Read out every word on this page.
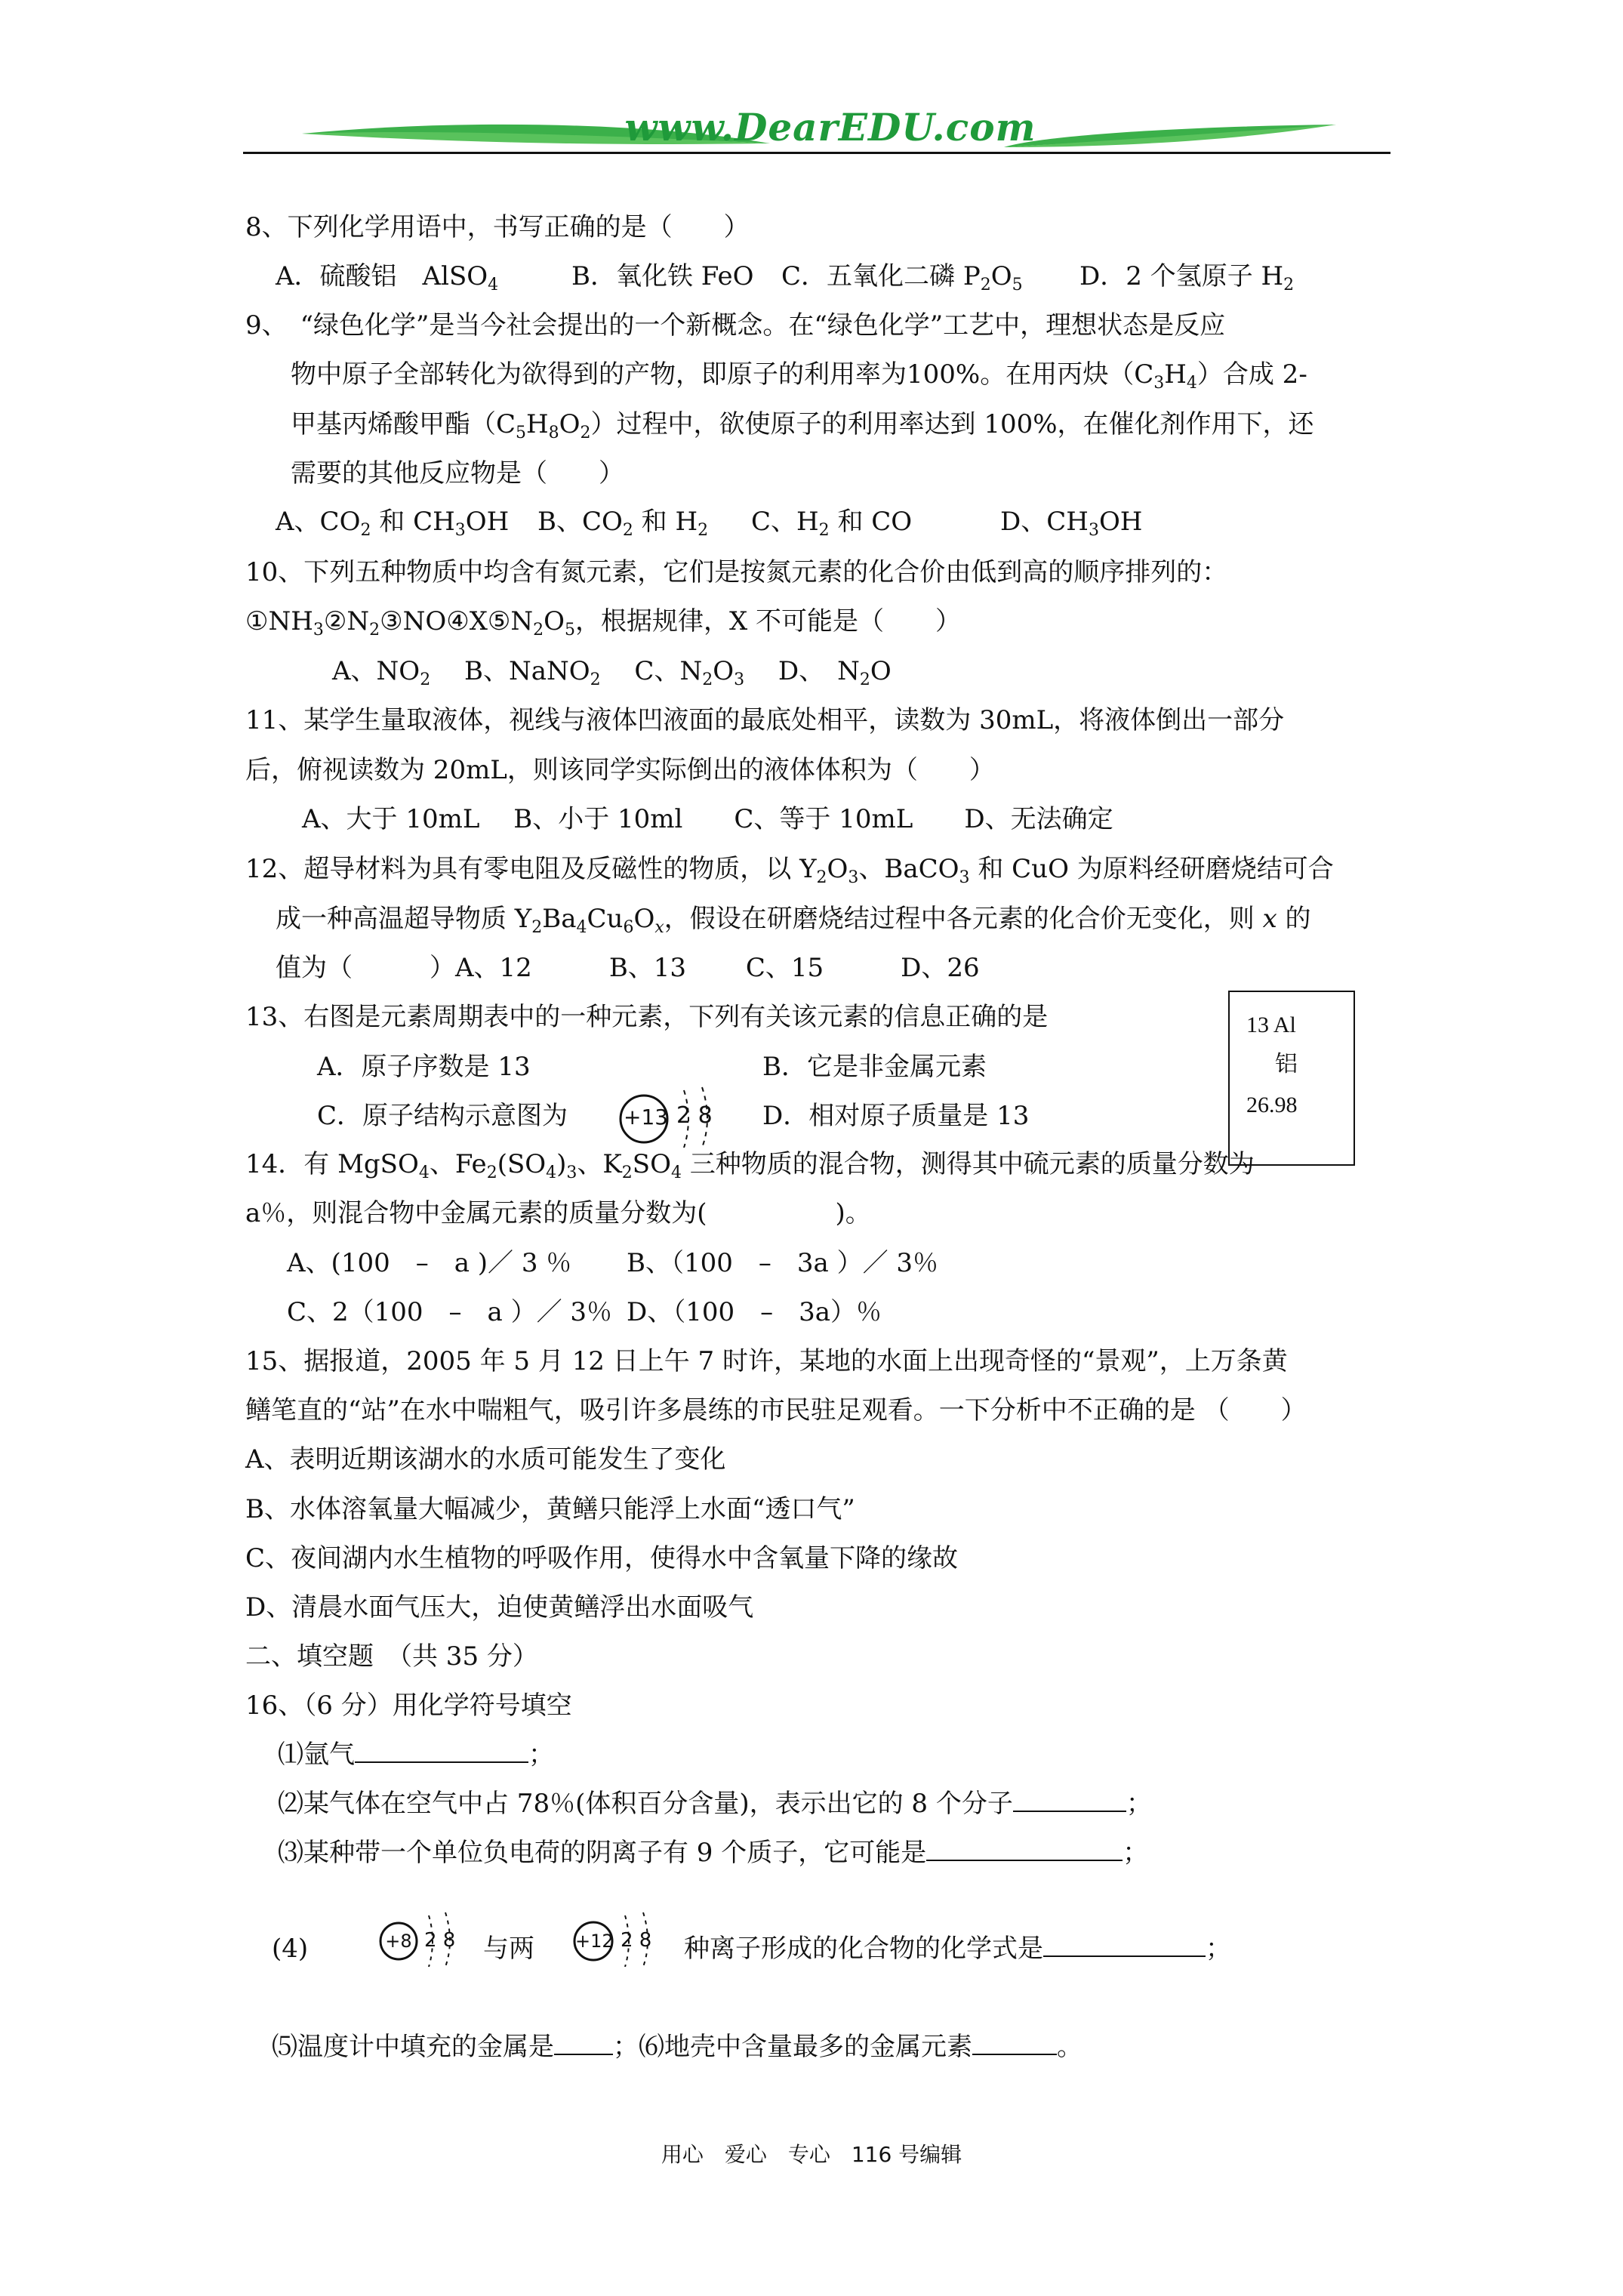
www.DearEDU.com
8、下列化学用语中，书写正确的是（　　）
A．硫酸铝　AlSO$_4$	B．氧化铁 FeO C．五氧化二磷 $P_2O_5$ D．2 个氢原子 $H_2$
9、　“绿色化学”是当今社会提出的一个新概念。在“绿色化学”工艺中，理想状态是反应
物中原子全部转化为欲得到的产物，即原子的利用率为100%。在用丙炔$(C_3H_4)$合成 2-
甲基丙烯酸甲酯$(C_5H_8O_2)$过程中，欲使原子的利用率达到 100%，在催化剂作用下，还
需要的其他反应物是（　　）
A、$CO_2$ 和 $CH_3OH$ B、$CO_2$ 和 $H_2$ C、$H_2$ 和 CO	D、$CH_3OH$
10、下列五种物质中均含有氮元素，它们是按氮元素的化合价由低到高的顺序排列的：
$①NH_3②N_2③NO④X⑤N_2O_5$，根据规律，X 不可能是（　　）
A、$NO_2$　 B、NaNO$_2$　 C、$N_2O_3$　 D、　$N_2O$
11、某学生量取液体，视线与液体凹液面的最底处相平，读数为 30mL，将液体倒出一部分
后，俯视读数为 20mL，则该同学实际倒出的液体体积为（　　）
A、大于 10mL　 B、小于 10ml　　C、等于 10mL　　D、无法确定
12、超导材料为具有零电阻及反磁性的物质，以 $Y_2O_3$、BaCO$_3$ 和 CuO 为原料经研磨烧结可合
成一种高温超导物质 $Y_2Ba_4Cu_6O_x$，假设在研磨烧结过程中各元素的化合价无变化，则 x 的
值为（　　　）A、12　　　B、13　　 C、15　　　D、26
13、右图是元素周期表中的一种元素，下列有关该元素的信息正确的是
A．原子序数是 13	B．它是非金属元素
C．原子结构示意图为	+13 2 8 D．相对原子质量是 13
13 Al
铝
26.98
14．有 MgSO$_4$、$Fe_2(SO_4)_3$、$K_2SO_4$ 三种物质的混合物，测得其中硫元素的质量分数为
a％，则混合物中金属元素的质量分数为(　　　　　)。
A、(100　–　a )／ 3 ％ B、（100　–　3a ）／ 3％
C、2（100　–　a ）／ 3％ D、（100　–　3a）％
15、据报道，2005 年 5 月 12 日上午 7 时许，某地的水面上出现奇怪的“景观”，上万条黄
鳝笔直的“站”在水中喘粗气，吸引许多晨练的市民驻足观看。一下分析中不正确的是 （　　）
A、表明近期该湖水的水质可能发生了变化
B、水体溶氧量大幅减少，黄鳝只能浮上水面“透口气”
C、夜间湖内水生植物的呼吸作用，使得水中含氧量下降的缘故
D、清晨水面气压大，迫使黄鳝浮出水面吸气
二、填空题　（共 35 分）
16、（6 分）用化学符号填空
⑴氩气	；
⑵某气体在空气中占 78％(体积百分含量)，表示出它的 8 个分子	；
⑶某种带一个单位负电荷的阴离子有 9 个质子，它可能是	；
(4)	+8 2 8 与两 +12 2 8 种离子形成的化合物的化学式是	；
⑸温度计中填充的金属是 ；⑹地壳中含量最多的金属元素	。
用心　爱心　专心　116 号编辑
